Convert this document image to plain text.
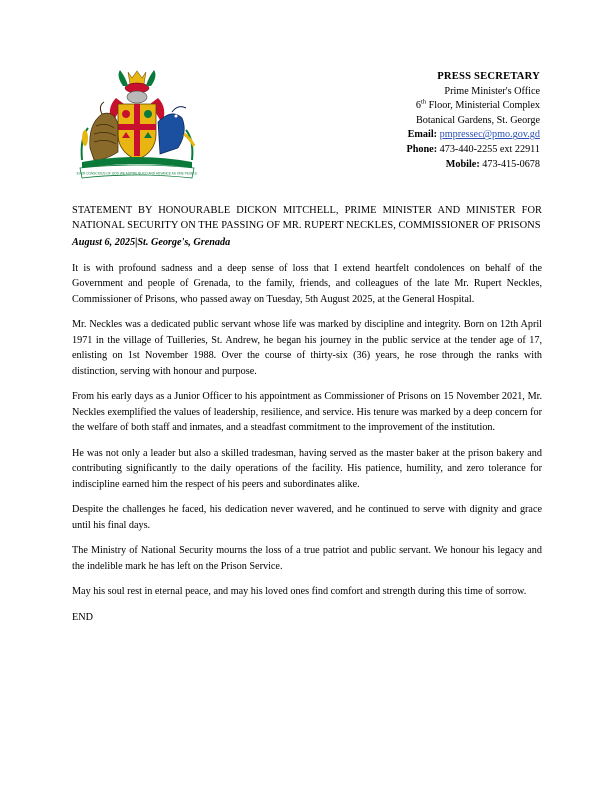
EVER CONSCIOUS OF GOD WE ASPIRE BUILD AND ADVANCE AS ONE PEOPLE
PRESS SECRETARY
Prime Minister's Office
6th Floor, Ministerial Complex
Botanical Gardens, St. George
Email: pmpressec@pmo.gov.gd
Phone: 473-440-2255 ext 22911
Mobile: 473-415-0678

STATEMENT BY HONOURABLE DICKON MITCHELL, PRIME MINISTER AND MINISTER FOR NATIONAL SECURITY ON THE PASSING OF MR. RUPERT NECKLES, COMMISSIONER OF PRISONS

August 6, 2025|St. George's, Grenada

It is with profound sadness and a deep sense of loss that I extend heartfelt condolences on behalf of the Government and people of Grenada, to the family, friends, and colleagues of the late Mr. Rupert Neckles, Commissioner of Prisons, who passed away on Tuesday, 5th August 2025, at the General Hospital.

Mr. Neckles was a dedicated public servant whose life was marked by discipline and integrity. Born on 12th April 1971 in the village of Tuilleries, St. Andrew, he began his journey in the public service at the tender age of 17, enlisting on 1st November 1988. Over the course of thirty-six (36) years, he rose through the ranks with distinction, serving with honour and purpose.

From his early days as a Junior Officer to his appointment as Commissioner of Prisons on 15 November 2021, Mr. Neckles exemplified the values of leadership, resilience, and service. His tenure was marked by a deep concern for the welfare of both staff and inmates, and a steadfast commitment to the improvement of the institution.

He was not only a leader but also a skilled tradesman, having served as the master baker at the prison bakery and contributing significantly to the daily operations of the facility. His patience, humility, and zero tolerance for indiscipline earned him the respect of his peers and subordinates alike.

Despite the challenges he faced, his dedication never wavered, and he continued to serve with dignity and grace until his final days.

The Ministry of National Security mourns the loss of a true patriot and public servant. We honour his legacy and the indelible mark he has left on the Prison Service.

May his soul rest in eternal peace, and may his loved ones find comfort and strength during this time of sorrow.

END
